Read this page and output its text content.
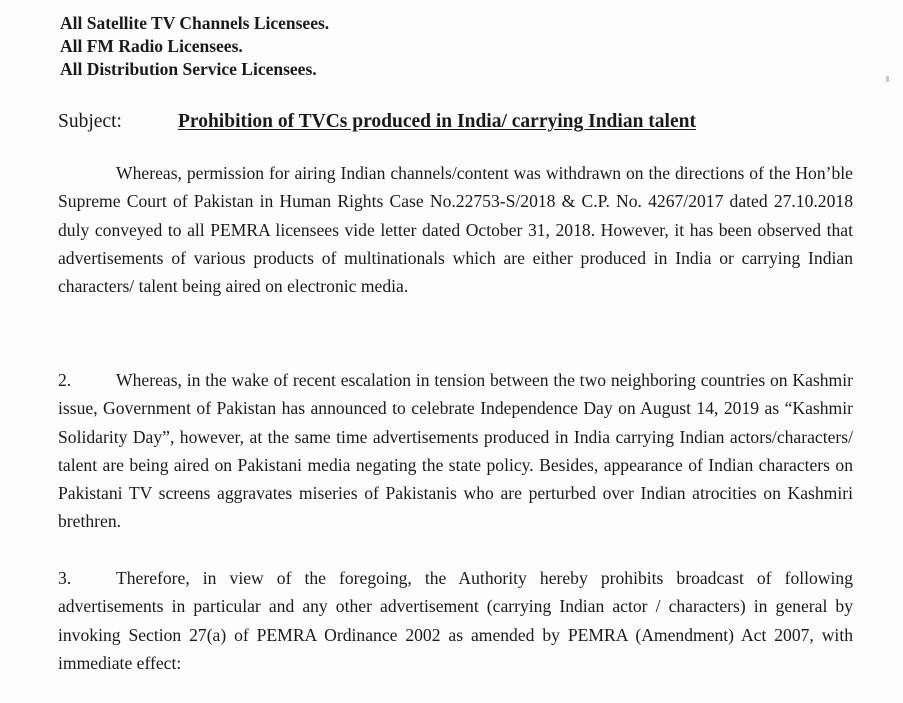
All Satellite TV Channels Licensees.
All FM Radio Licensees.
All Distribution Service Licensees.
Subject:	Prohibition of TVCs produced in India/ carrying Indian talent

Whereas, permission for airing Indian channels/content was withdrawn on the directions of the Hon’ble Supreme Court of Pakistan in Human Rights Case No.22753-S/2018 & C.P. No. 4267/2017 dated 27.10.2018 duly conveyed to all PEMRA licensees vide letter dated October 31, 2018. However, it has been observed that advertisements of various products of multinationals which are either produced in India or carrying Indian characters/ talent being aired on electronic media.

2.	Whereas, in the wake of recent escalation in tension between the two neighboring countries on Kashmir issue, Government of Pakistan has announced to celebrate Independence Day on August 14, 2019 as “Kashmir Solidarity Day”, however, at the same time advertisements produced in India carrying Indian actors/characters/ talent are being aired on Pakistani media negating the state policy. Besides, appearance of Indian characters on Pakistani TV screens aggravates miseries of Pakistanis who are perturbed over Indian atrocities on Kashmiri brethren.

3.	Therefore, in view of the foregoing, the Authority hereby prohibits broadcast of following advertisements in particular and any other advertisement (carrying Indian actor / characters) in general by invoking Section 27(a) of PEMRA Ordinance 2002 as amended by PEMRA (Amendment) Act 2007, with immediate effect:
